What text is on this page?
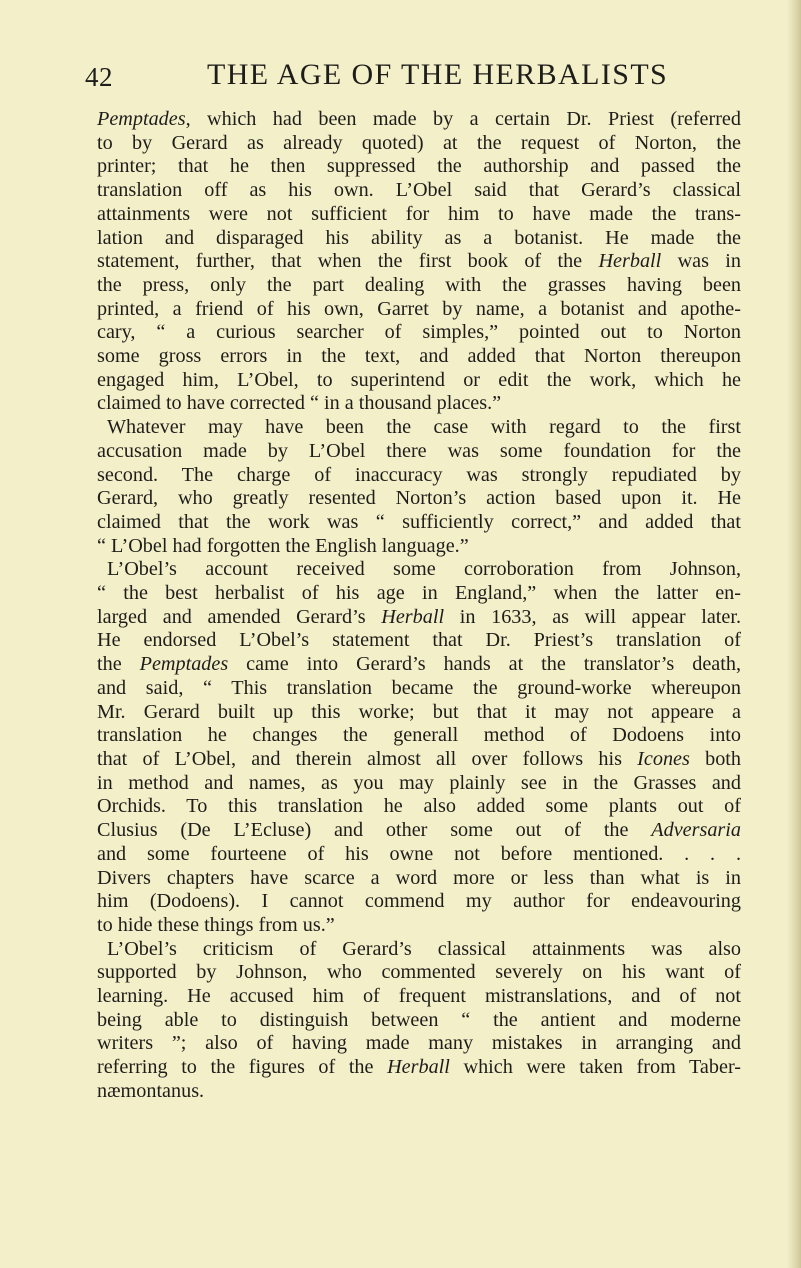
42	THE AGE OF THE HERBALISTS
Pemptades, which had been made by a certain Dr. Priest (referred
to by Gerard as already quoted) at the request of Norton, the
printer; that he then suppressed the authorship and passed the
translation off as his own. L’Obel said that Gerard’s classical
attainments were not sufficient for him to have made the trans-
lation and disparaged his ability as a botanist. He made the
statement, further, that when the first book of the Herball was in
the press, only the part dealing with the grasses having been
printed, a friend of his own, Garret by name, a botanist and apothe-
cary, “ a curious searcher of simples,” pointed out to Norton
some gross errors in the text, and added that Norton thereupon
engaged him, L’Obel, to superintend or edit the work, which he
claimed to have corrected “ in a thousand places.”
Whatever may have been the case with regard to the first
accusation made by L’Obel there was some foundation for the
second. The charge of inaccuracy was strongly repudiated by
Gerard, who greatly resented Norton’s action based upon it. He
claimed that the work was “ sufficiently correct,” and added that
“ L’Obel had forgotten the English language.”
L’Obel’s account received some corroboration from Johnson,
“ the best herbalist of his age in England,” when the latter en-
larged and amended Gerard’s Herball in 1633, as will appear later.
He endorsed L’Obel’s statement that Dr. Priest’s translation of
the Pemptades came into Gerard’s hands at the translator’s death,
and said, “ This translation became the ground-worke whereupon
Mr. Gerard built up this worke; but that it may not appeare a
translation he changes the generall method of Dodoens into
that of L’Obel, and therein almost all over follows his Icones both
in method and names, as you may plainly see in the Grasses and
Orchids. To this translation he also added some plants out of
Clusius (De L’Ecluse) and other some out of the Adversaria
and some fourteene of his owne not before mentioned. . . .
Divers chapters have scarce a word more or less than what is in
him (Dodoens). I cannot commend my author for endeavouring
to hide these things from us.”
L’Obel’s criticism of Gerard’s classical attainments was also
supported by Johnson, who commented severely on his want of
learning. He accused him of frequent mistranslations, and of not
being able to distinguish between “ the antient and moderne
writers ”; also of having made many mistakes in arranging and
referring to the figures of the Herball which were taken from Taber-
næmontanus.
